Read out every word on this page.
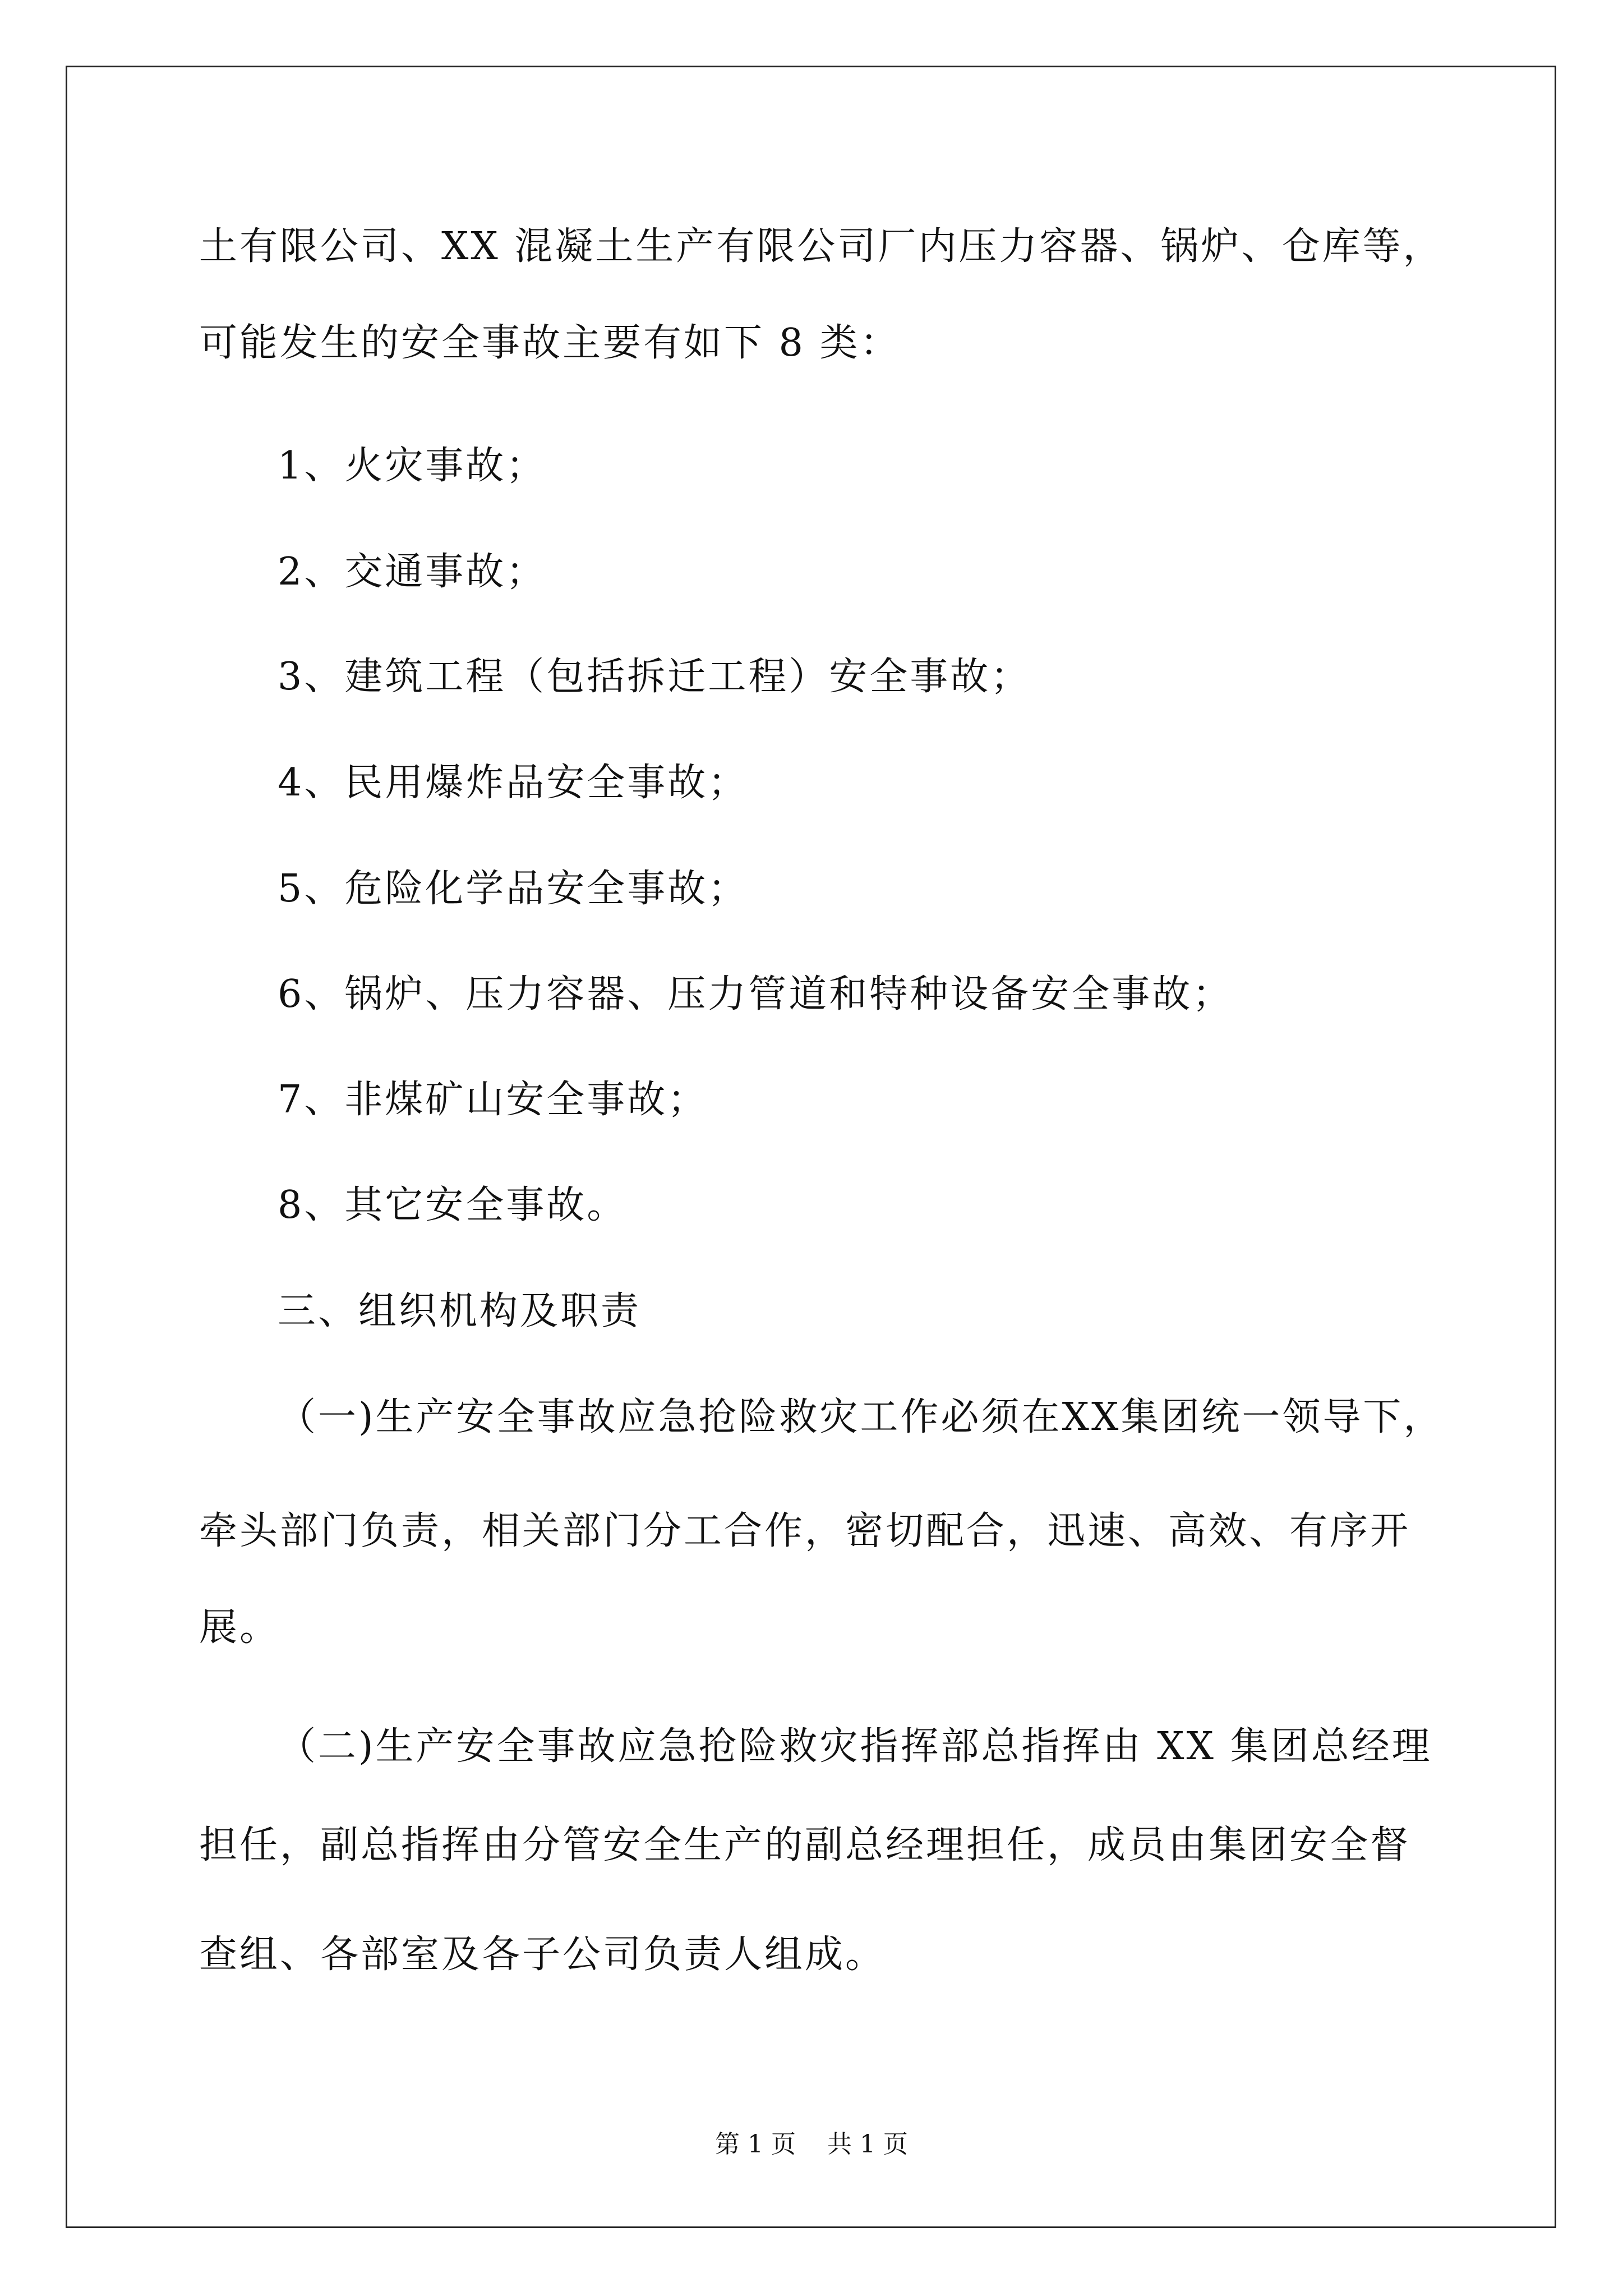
土有限公司、XX 混凝土生产有限公司厂内压力容器、锅炉、仓库等，
可能发生的安全事故主要有如下 8 类：
1、火灾事故；
2、交通事故；
3、建筑工程（包括拆迁工程）安全事故；
4、民用爆炸品安全事故；
5、危险化学品安全事故；
6、锅炉、压力容器、压力管道和特种设备安全事故；
7、非煤矿山安全事故；
8、其它安全事故。
三、组织机构及职责
（一)生产安全事故应急抢险救灾工作必须在XX集团统一领导下，
牵头部门负责，相关部门分工合作，密切配合，迅速、高效、有序开
展。
（二)生产安全事故应急抢险救灾指挥部总指挥由 XX 集团总经理
担任，副总指挥由分管安全生产的副总经理担任，成员由集团安全督
查组、各部室及各子公司负责人组成。
第 1 页    共 1 页
